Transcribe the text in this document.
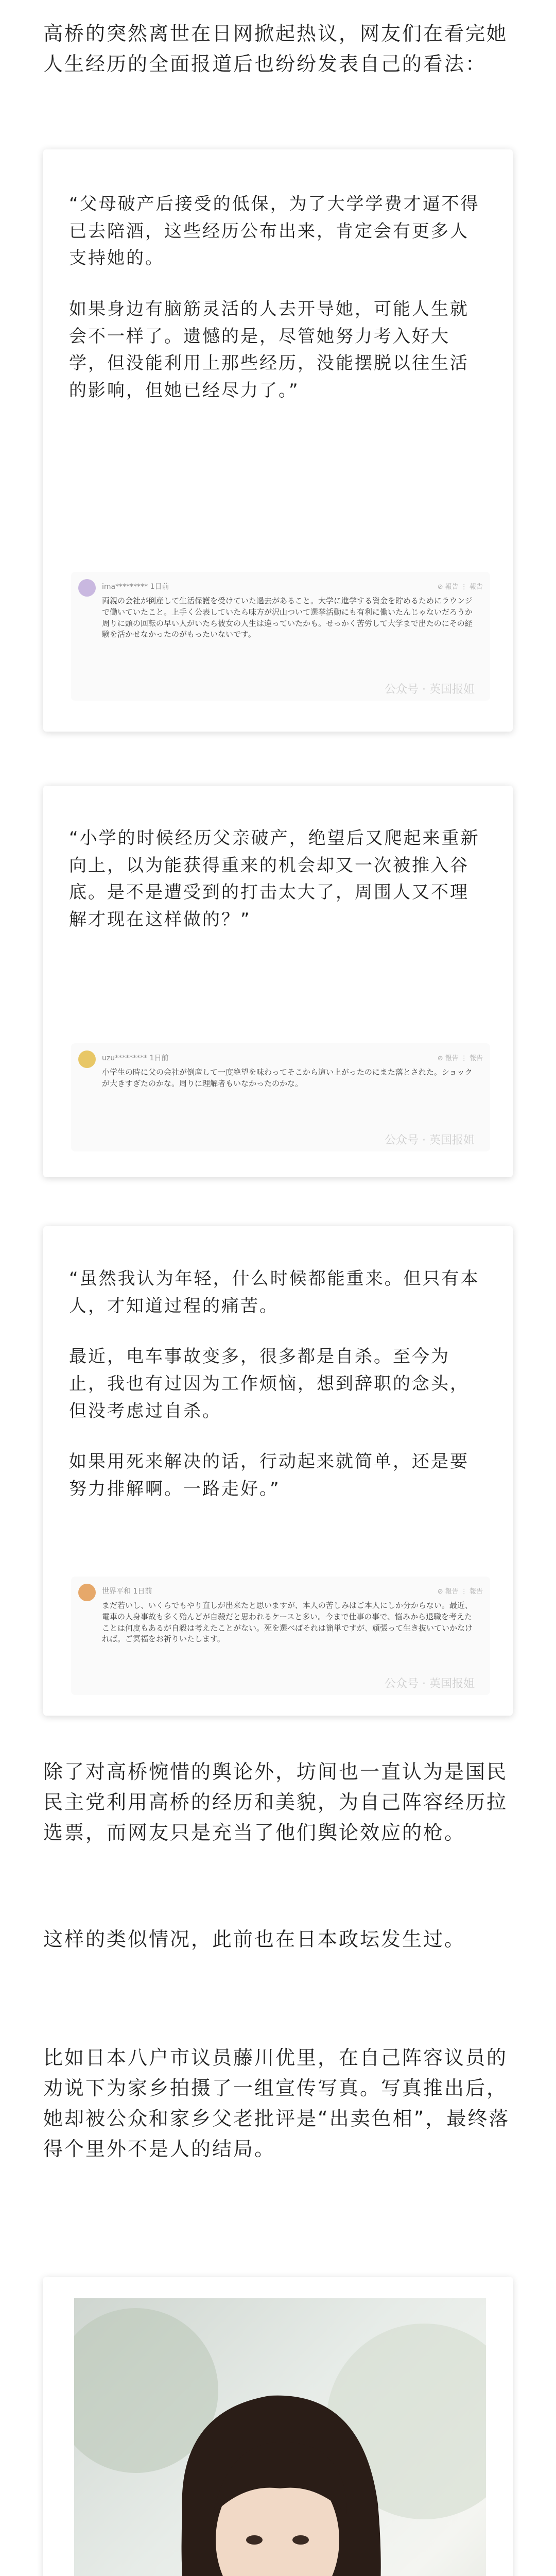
高桥的突然离世在日网掀起热议，网友们在看完她人生经历的全面报道后也纷纷发表自己的看法：

“父母破产后接受的低保，为了大学学费才逼不得已去陪酒，这些经历公布出来，肯定会有更多人支持她的。

如果身边有脑筋灵活的人去开导她，可能人生就会不一样了。遗憾的是，尽管她努力考入好大学，但没能利用上那些经历，没能摆脱以往生活的影响，但她已经尽力了。”

ima********* 1日前	⊘ 報告 ⋮ 報告

両親の会社が倒産して生活保護を受けていた過去があること。大学に進学する資金を貯めるためにラウンジで働いていたこと。上手く公表していたら味方が沢山ついて選挙活動にも有利に働いたんじゃないだろうか 周りに頭の回転の早い人がいたら彼女の人生は違っていたかも。せっかく苦労して大学まで出たのにその経験を活かせなかったのがもったいないです。

公众号 · 英国报姐

“小学的时候经历父亲破产，绝望后又爬起来重新向上，以为能获得重来的机会却又一次被推入谷底。是不是遭受到的打击太大了，周围人又不理解才现在这样做的？”

uzu********* 1日前	⊘ 報告 ⋮ 報告

小学生の時に父の会社が倒産して一度絶望を味わってそこから這い上がったのにまた落とされた。ショックが大きすぎたのかな。周りに理解者もいなかったのかな。

公众号 · 英国报姐

“虽然我认为年轻，什么时候都能重来。但只有本人，才知道过程的痛苦。

最近，电车事故变多，很多都是自杀。至今为止，我也有过因为工作烦恼，想到辞职的念头，但没考虑过自杀。

如果用死来解决的话，行动起来就简单，还是要努力排解啊。一路走好。”

世界平和 1日前	⊘ 報告 ⋮ 報告

まだ若いし、いくらでもやり直しが出来たと思いますが、本人の苦しみはご本人にしか分からない。最近、電車の人身事故も多く殆んどが自殺だと思われるケースと多い。今まで仕事の事で、悩みから退職を考えたことは何度もあるが自殺は考えたことがない。死を選べばそれは簡単ですが、頑張って生き抜いていかなければ。ご冥福をお祈りいたします。

公众号 · 英国报姐

除了对高桥惋惜的舆论外，坊间也一直认为是国民民主党利用高桥的经历和美貌，为自己阵容经历拉选票，而网友只是充当了他们舆论效应的枪。

这样的类似情况，此前也在日本政坛发生过。

比如日本八户市议员藤川优里，在自己阵容议员的劝说下为家乡拍摄了一组宣传写真。写真推出后，她却被公众和家乡父老批评是“出卖色相”，最终落得个里外不是人的结局。
